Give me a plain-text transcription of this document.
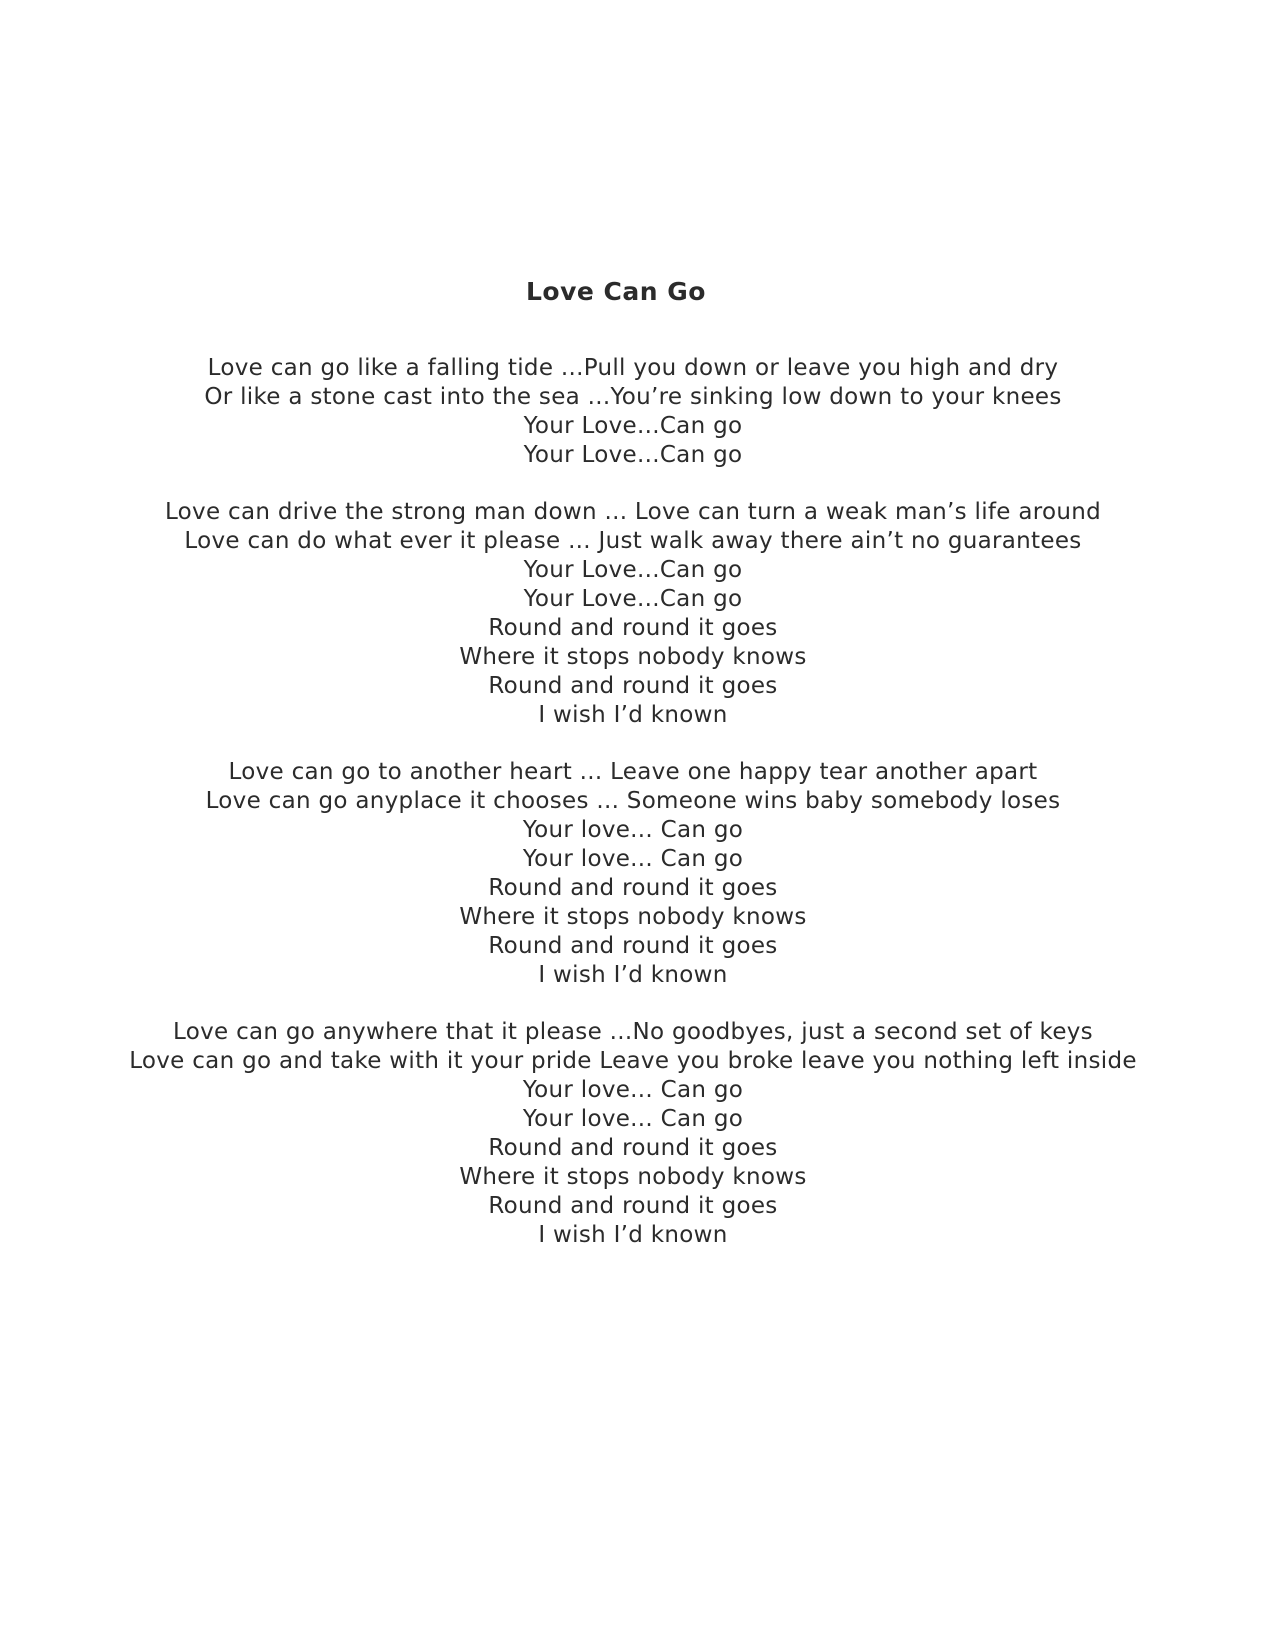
Love Can Go
Love can go like a falling tide ...Pull you down or leave you high and dry
Or like a stone cast into the sea ...You’re sinking low down to your knees
Your Love...Can go
Your Love...Can go
Love can drive the strong man down ... Love can turn a weak man’s life around
Love can do what ever it please ... Just walk away there ain’t no guarantees
Your Love...Can go
Your Love...Can go
Round and round it goes
Where it stops nobody knows
Round and round it goes
I wish I’d known
Love can go to another heart ... Leave one happy tear another apart
Love can go anyplace it chooses ... Someone wins baby somebody loses
Your love... Can go
Your love... Can go
Round and round it goes
Where it stops nobody knows
Round and round it goes
I wish I’d known
Love can go anywhere that it please ...No goodbyes, just a second set of keys
Love can go and take with it your pride Leave you broke leave you nothing left inside
Your love... Can go
Your love... Can go
Round and round it goes
Where it stops nobody knows
Round and round it goes
I wish I’d known
